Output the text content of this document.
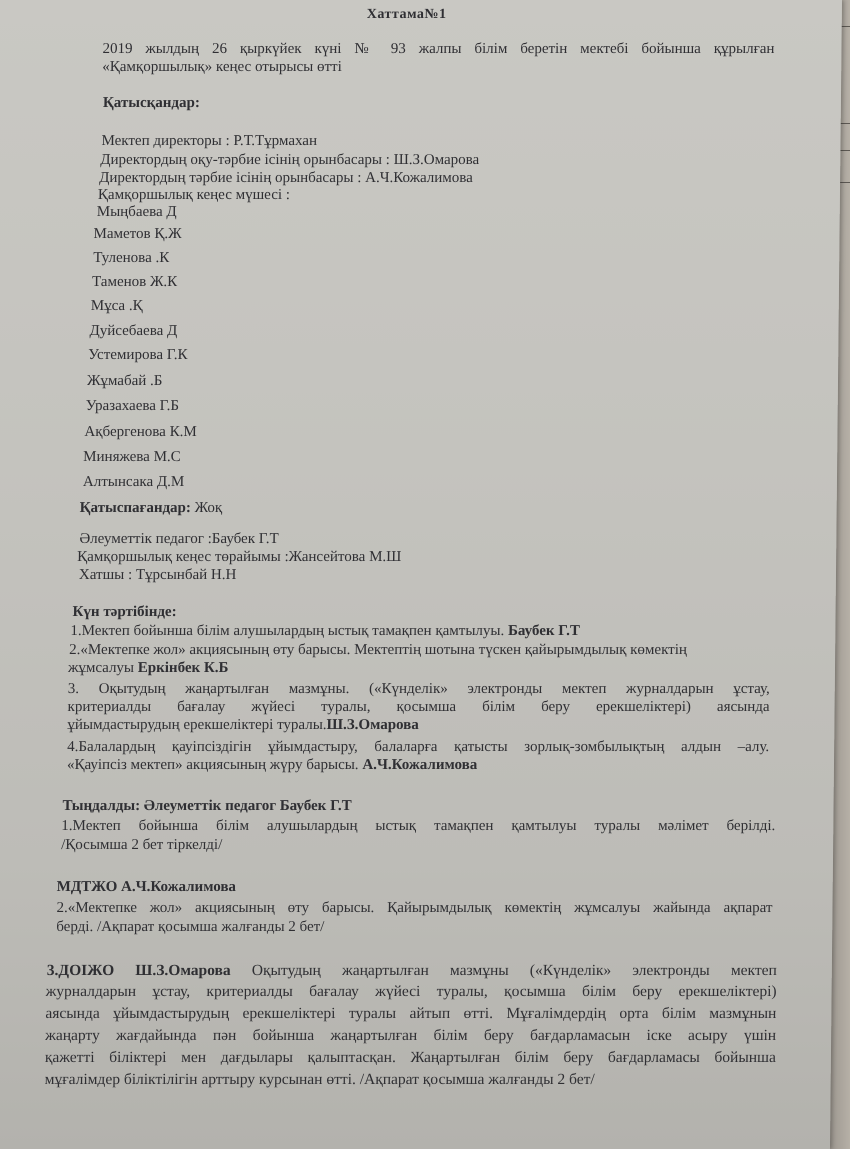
Хаттама№1
2019 жылдың 26 қыркүйек күні № 93 жалпы білім беретін мектебі бойынша құрылған
«Қамқоршылық» кеңес отырысы өтті
Қатысқандар:
Мектеп директоры : Р.Т.Тұрмахан
Директордың оқу-тәрбие ісінің орынбасары : Ш.З.Омарова
Директордың тәрбие ісінің орынбасары : А.Ч.Кожалимова
Қамқоршылық кеңес мүшесі :
Мыңбаева Д
Маметов Қ.Ж
Туленова .К
Таменов Ж.К
Мұса .Қ
Дуйсебаева Д
Устемирова Г.К
Жұмабай .Б
Уразахаева Г.Б
Ақбергенова К.М
Миняжева М.С
Алтынсака Д.М
Қатыспағандар: Жоқ
Әлеуметтік педагог :Баубек Г.Т
Қамқоршылық кеңес төрайымы :Жансейтова М.Ш
Хатшы : Тұрсынбай Н.Н
Күн тәртібінде:
1.Мектеп бойынша білім алушылардың ыстық тамақпен қамтылуы. Баубек Г.Т
2.«Мектепке жол» акциясының өту барысы. Мектептің шотына түскен қайырымдылық көмектің
жұмсалуы Еркінбек К.Б
3. Оқытудың жаңартылған мазмұны. («Күнделік» электронды мектеп журналдарын ұстау,
критериалды бағалау жүйесі туралы, қосымша білім беру ерекшеліктері) аясында
ұйымдастырудың ерекшеліктері туралы.Ш.З.Омарова
4.Балалардың қауіпсіздігін ұйымдастыру, балаларға қатысты зорлық-зомбылықтың алдын –алу.
«Қауіпсіз мектеп» акциясының жүру барысы. А.Ч.Кожалимова
Тыңдалды: Әлеуметтік педагог Баубек Г.Т
1.Мектеп бойынша білім алушылардың ыстық тамақпен қамтылуы туралы мәлімет берілді.
/Қосымша 2 бет тіркелді/
МДТЖО А.Ч.Кожалимова
2.«Мектепке жол» акциясының өту барысы. Қайырымдылық көмектің жұмсалуы жайында ақпарат
берді. /Ақпарат қосымша жалғанды 2 бет/
3.ДОІЖО Ш.З.Омарова Оқытудың жаңартылған мазмұны («Күнделік» электронды мектеп
журналдарын ұстау, критериалды бағалау жүйесі туралы, қосымша білім беру ерекшеліктері)
аясында ұйымдастырудың ерекшеліктері туралы айтып өтті. Мұғалімдердің орта білім мазмұнын
жаңарту жағдайында пән бойынша жаңартылған білім беру бағдарламасын іске асыру үшін
қажетті біліктері мен дағдылары қалыптасқан. Жаңартылған білім беру бағдарламасы бойынша
мұғалімдер біліктілігін арттыру курсынан өтті. /Ақпарат қосымша жалғанды 2 бет/
